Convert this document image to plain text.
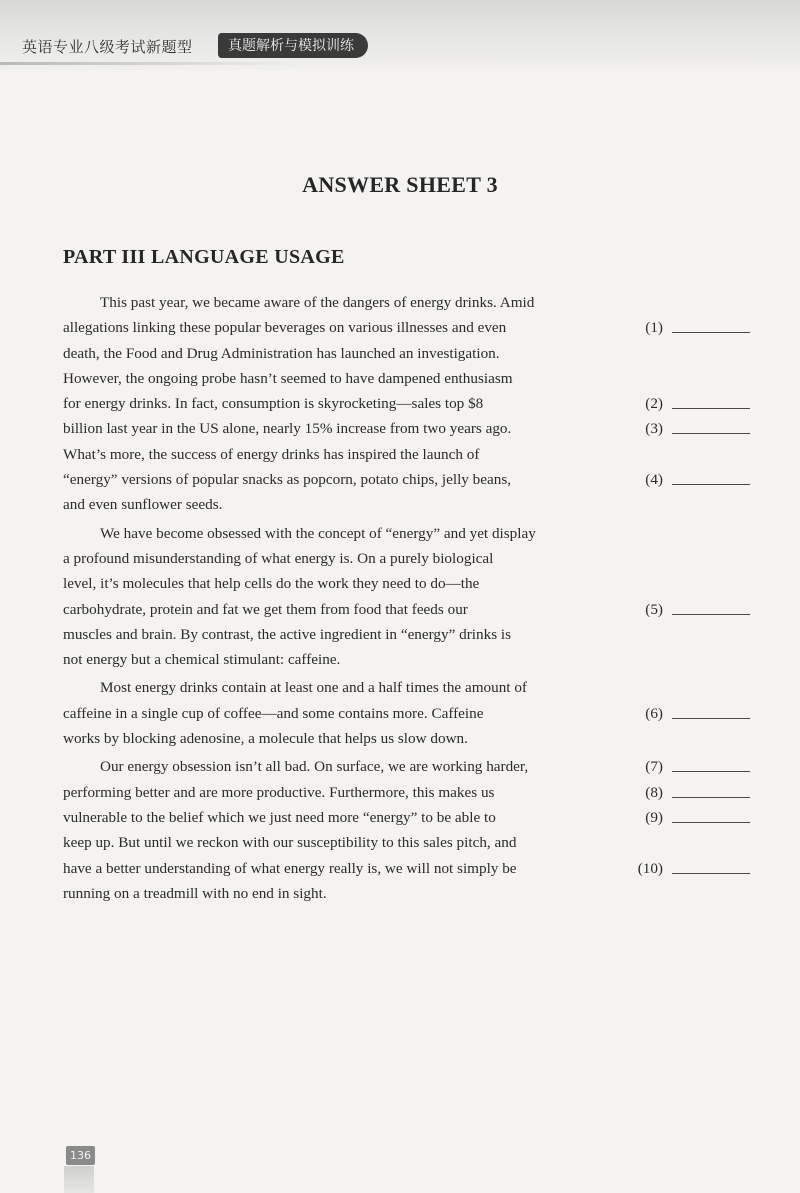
英语专业八级考试新题型	真题解析与模拟训练
ANSWER SHEET 3
PART III LANGUAGE USAGE
This past year, we became aware of the dangers of energy drinks. Amid
allegations linking these popular beverages on various illnesses and even	(1)
death, the Food and Drug Administration has launched an investigation.
However, the ongoing probe hasn’t seemed to have dampened enthusiasm
for energy drinks. In fact, consumption is skyrocketing—sales top $8	(2)
billion last year in the US alone, nearly 15% increase from two years ago.	(3)
What’s more, the success of energy drinks has inspired the launch of
“energy” versions of popular snacks as popcorn, potato chips, jelly beans,	(4)
and even sunflower seeds.
We have become obsessed with the concept of “energy” and yet display
a profound misunderstanding of what energy is. On a purely biological
level, it’s molecules that help cells do the work they need to do—the
carbohydrate, protein and fat we get them from food that feeds our	(5)
muscles and brain. By contrast, the active ingredient in “energy” drinks is
not energy but a chemical stimulant: caffeine.
Most energy drinks contain at least one and a half times the amount of
caffeine in a single cup of coffee—and some contains more. Caffeine	(6)
works by blocking adenosine, a molecule that helps us slow down.
Our energy obsession isn’t all bad. On surface, we are working harder,	(7)
performing better and are more productive. Furthermore, this makes us	(8)
vulnerable to the belief which we just need more “energy” to be able to	(9)
keep up. But until we reckon with our susceptibility to this sales pitch, and
have a better understanding of what energy really is, we will not simply be	(10)
running on a treadmill with no end in sight.
136
